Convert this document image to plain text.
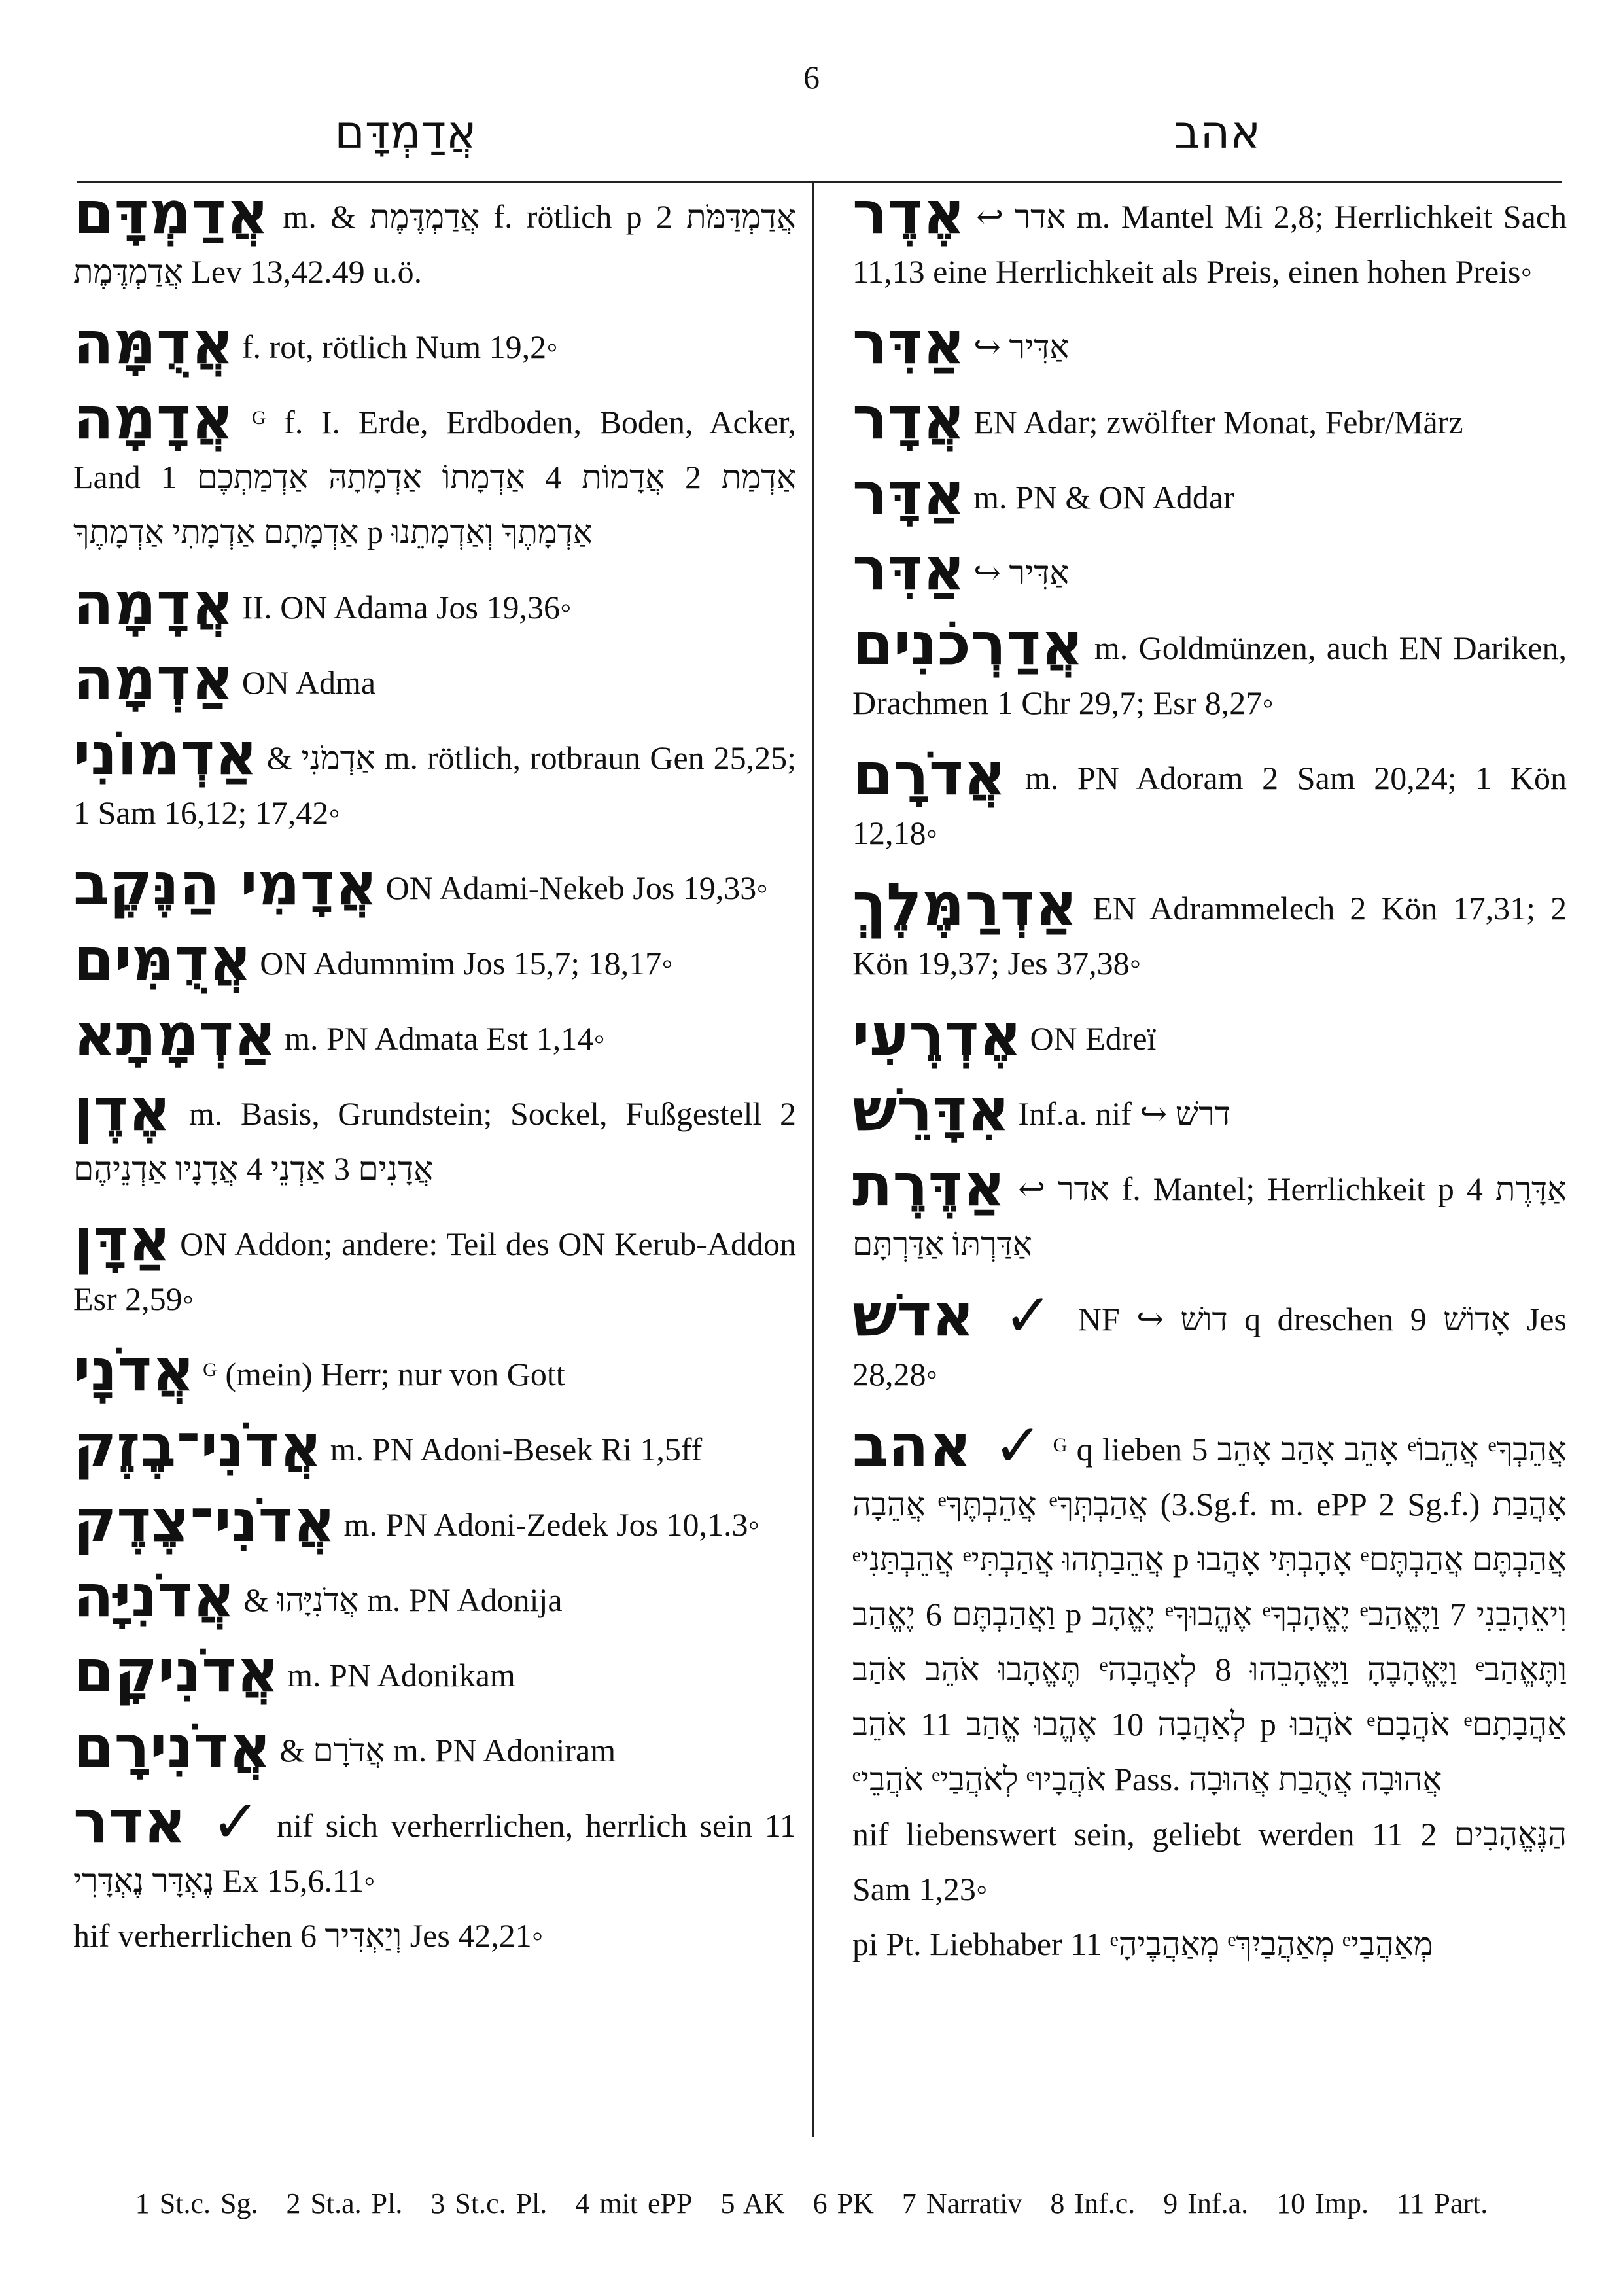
6
אֲדַמְדָּם	אהב
אֲדַמְדָּם m. & אֲדַמְדֶּמֶת f. rötlich p אֲדַמְדַּמֹּת 2 אֲדַמְדֶּמֶת Lev 13,42.49 u.ö.
אֲדֻמָּה f. rot, rötlich Num 19,2◦
אֲדָמָה ᴳ f. I. Erde, Erdboden, Boden, Acker, Land 1 אַדְמַת 2 אֲדָמוֹת 4 אַדְמָתוֹ אַדְמָתָהּ אַדְמַתְכֶם אַדְמָתָם אַדְמָתִי אַדְמָתֶךָ p אַדְמָתֶךָ וְאַדְמָתֵנוּ
אֲדָמָה II. ON Adama Jos 19,36◦
אַדְמָה ON Adma
אַדְמוֹנִי & אַדְמֹנִי m. rötlich, rotbraun Gen 25,25; 1 Sam 16,12; 17,42◦
אֲדָמִי הַנֶּקֶב ON Adami-Nekeb Jos 19,33◦
אֲדֻמִּים ON Adummim Jos 15,7; 18,17◦
אַדְמָתָא m. PN Admata Est 1,14◦
אֶדֶן m. Basis, Grundstein; Sockel, Fußgestell 2 אֲדָנִים 3 אַדְנֵי 4 אֲדָנָיו אַדְנֵיהֶם
אַדָּן ON Addon; andere: Teil des ON Kerub-Addon Esr 2,59◦
אֲדֹנָי ᴳ (mein) Herr; nur von Gott
אֲדֹנִי־בֶזֶק m. PN Adoni-Besek Ri 1,5ff
אֲדֹנִי־צֶדֶק m. PN Adoni-Zedek Jos 10,1.3◦
אֲדֹנִיָּה & אֲדֹנִיָּהוּ m. PN Adonija
אֲדֹנִיקָם m. PN Adonikam
אֲדֹנִירָם & אֲדֹרָם m. PN Adoniram
✓ אדר nif sich verherrlichen, herrlich sein 11 נֶאְדָּר נֶאְדָּרִי Ex 15,6.11◦
hif verherrlichen 6 וְיַאְדִּיר Jes 42,21◦
אֶדֶר ↩ אדר m. Mantel Mi 2,8; Herrlichkeit Sach 11,13 eine Herrlichkeit als Preis, einen hohen Preis◦
אַדִּר ↪ אַדִּיר
אֲדָר EN Adar; zwölfter Monat, Febr/März
אַדָּר m. PN & ON Addar
אַדִּר ↪ אַדִּיר
אֲדַרְכֹנִים m. Goldmünzen, auch EN Dariken, Drachmen 1 Chr 29,7; Esr 8,27◦
אֲדֹרָם m. PN Adoram 2 Sam 20,24; 1 Kön 12,18◦
אַדְרַמֶּלֶךְ EN Adrammelech 2 Kön 17,31; 2 Kön 19,37; Jes 37,38◦
אֶדְרֶעִי ON Edreï
אִדָּרֵשׁ Inf.a. nif ↪ דרשׁ
אַדֶּרֶת ↩ אדר f. Mantel; Herrlichkeit p אַדָּרֶת 4 אַדַּרְתּוֹ אַדַּרְתָּם
✓ אדשׁ NF ↪ דושׁ q dreschen 9 אָדוֹשׁ Jes 28,28◦
✓ אהב ᴳ q lieben 5 אָהֵב אָהַב אָהֵב ᵉאֲהֵבוֹ ᵉאֲהֵבְךָ אֲהֵבָה ᵉאֲהֵבְתֶּךָ ᵉאֲהַבְתְּךָ (3.Sg.f. m. ePP 2 Sg.f.) אָהֲבַת ᵉאֲהֵבְתַּנִי ᵉאֲהֵבַתְהוּ אֲהַבְתִּי p אָהָבְתִּי אָהֲבוּ ᵉאֲהַבְתֶּם אֲהַבְתֶּם וַאֲהַבְתֶּם 6 יֶאֱהַב p יֶאֱהָב ᵉאֶהֱבוּךָ ᵉיֶאֱהָבְךָ ᵉוִיאֵהָבֵנִי 7 וַיֶּאֱהַב תֶּאֱהָבוּ אֹהֵב אֹהַב ᵉוַיֶּאֱהָבֶהָ וַיֶּאֱהָבֵהוּ 8 לְאַהֲבָה ᵉוַתֶּאֱהַב לְאַהֲבָה 10 אֶהֱבוּ אֱהַב 11 אֹהֵב p אֹהֲבוּ ᵉאֹהֲבָם ᵉאַהֲבָתָם ᵉאֹהֲבֵי ᵉלְאֹהֲבַי ᵉאֹהֲבָיו Pass. אֲהוּבָה אֲהֻבַת אֲהוּבָה
nif liebenswert sein, geliebt werden 11 הַנֶּאֱהָבִים 2 Sam 1,23◦
pi Pt. Liebhaber 11 ᵉמְאַהֲבֶיהָ ᵉמְאַהֲבַיִךְ ᵉמְאַהֲבַי
1 St.c. Sg. 2 St.a. Pl. 3 St.c. Pl. 4 mit ePP 5 AK 6 PK 7 Narrativ 8 Inf.c. 9 Inf.a. 10 Imp. 11 Part.
